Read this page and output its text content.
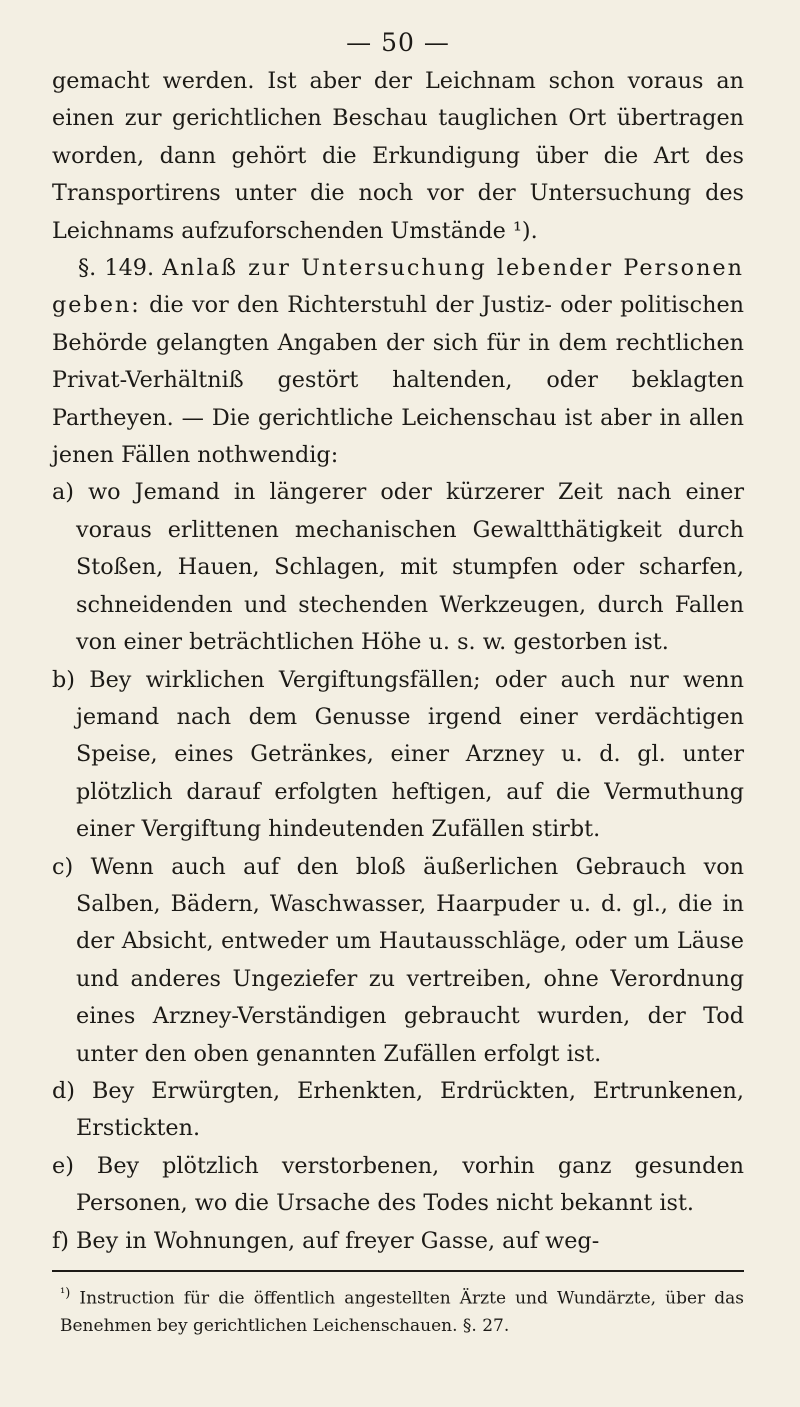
— 50 —

gemacht werden. Ist aber der Leichnam schon voraus an einen zur gerichtlichen Beschau tauglichen Ort übertragen worden, dann gehört die Erkundigung über die Art des Transportirens unter die noch vor der Untersuchung des Leichnams aufzuforschenden Umstände ¹).

§. 149. Anlaß zur Untersuchung lebender Personen geben: die vor den Richterstuhl der Justiz- oder politischen Behörde gelangten Angaben der sich für in dem rechtlichen Privat-Verhältniß gestört haltenden, oder beklagten Partheyen. — Die gerichtliche Leichenschau ist aber in allen jenen Fällen nothwendig:

a) wo Jemand in längerer oder kürzerer Zeit nach einer voraus erlittenen mechanischen Gewaltthätigkeit durch Stoßen, Hauen, Schlagen, mit stumpfen oder scharfen, schneidenden und stechenden Werkzeugen, durch Fallen von einer beträchtlichen Höhe u. s. w. gestorben ist.

b) Bey wirklichen Vergiftungsfällen; oder auch nur wenn jemand nach dem Genusse irgend einer verdächtigen Speise, eines Getränkes, einer Arzney u. d. gl. unter plötzlich darauf erfolgten heftigen, auf die Vermuthung einer Vergiftung hindeutenden Zufällen stirbt.

c) Wenn auch auf den bloß äußerlichen Gebrauch von Salben, Bädern, Waschwasser, Haarpuder u. d. gl., die in der Absicht, entweder um Hautausschläge, oder um Läuse und anderes Ungeziefer zu vertreiben, ohne Verordnung eines Arzney-Verständigen gebraucht wurden, der Tod unter den oben genannten Zufällen erfolgt ist.

d) Bey Erwürgten, Erhenkten, Erdrückten, Ertrunkenen, Erstickten.

e) Bey plötzlich verstorbenen, vorhin ganz gesunden Personen, wo die Ursache des Todes nicht bekannt ist.

f) Bey in Wohnungen, auf freyer Gasse, auf weg-

$^{^1)}$ Instruction für die öffentlich angestellten Ärzte und Wundärzte, über das Benehmen bey gerichtlichen Leichenschauen. §. 27.
